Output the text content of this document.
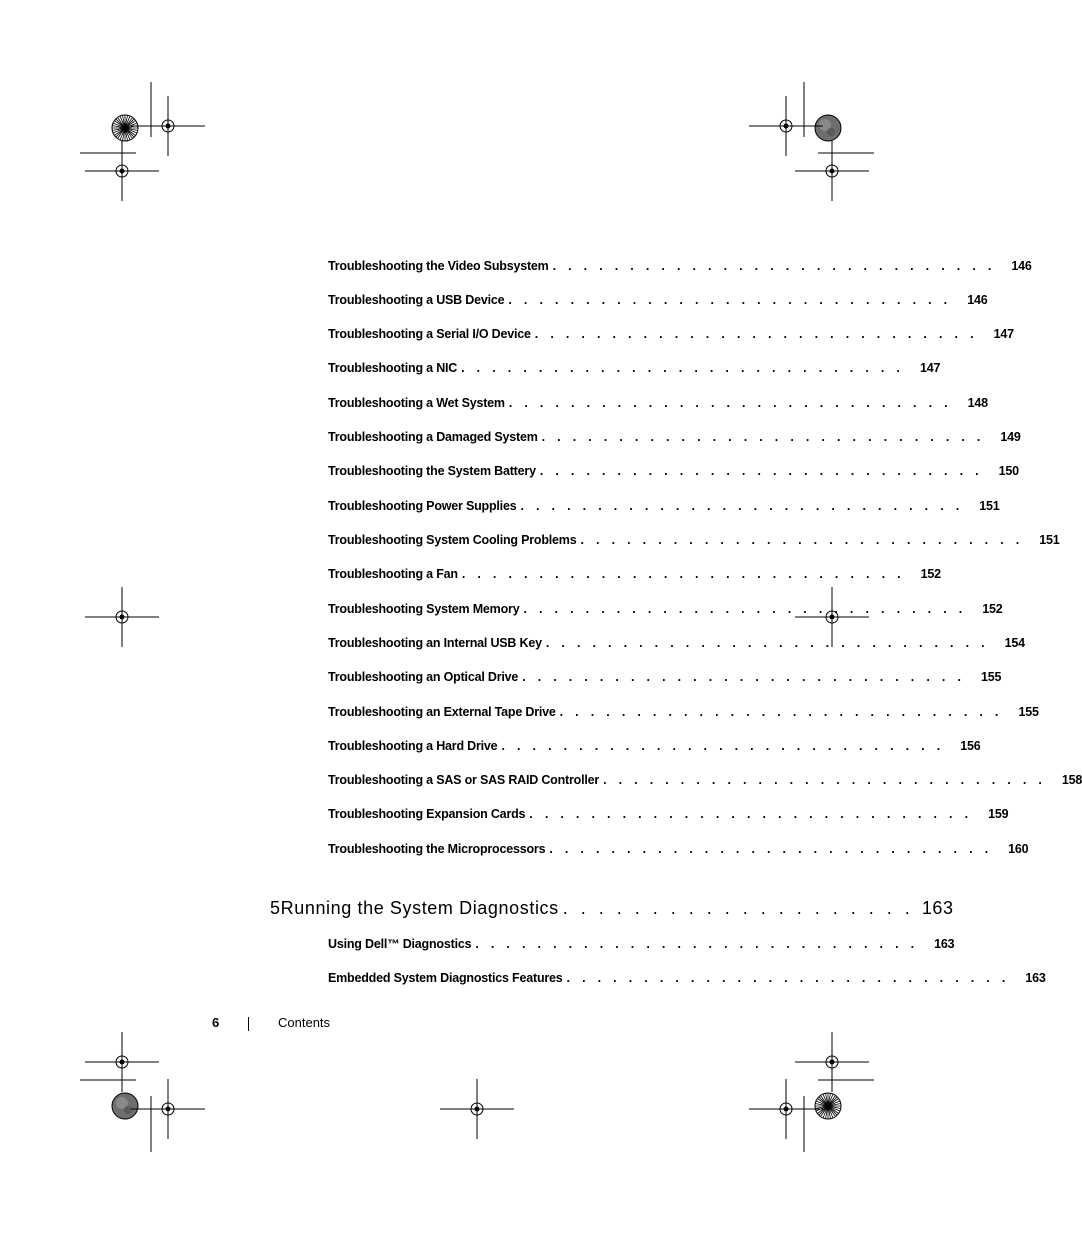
Troubleshooting the Video Subsystem . . . . . . . . . . . . . . . . . . . . . . . . . . . . . 146
Troubleshooting a USB Device . . . . . . . . . . . . . . . . . . . . . . . . . . . . . 146
Troubleshooting a Serial I/O Device . . . . . . . . . . . . . . . . . . . . . . . . . . . . . 147
Troubleshooting a NIC . . . . . . . . . . . . . . . . . . . . . . . . . . . . . 147
Troubleshooting a Wet System . . . . . . . . . . . . . . . . . . . . . . . . . . . . . 148
Troubleshooting a Damaged System . . . . . . . . . . . . . . . . . . . . . . . . . . . . . 149
Troubleshooting the System Battery . . . . . . . . . . . . . . . . . . . . . . . . . . . . . 150
Troubleshooting Power Supplies . . . . . . . . . . . . . . . . . . . . . . . . . . . . . 151
Troubleshooting System Cooling Problems . . . . . . . . . . . . . . . . . . . . . . . . . . . . . 151
Troubleshooting a Fan . . . . . . . . . . . . . . . . . . . . . . . . . . . . . 152
Troubleshooting System Memory . . . . . . . . . . . . . . . . . . . . . . . . . . . . . 152
Troubleshooting an Internal USB Key . . . . . . . . . . . . . . . . . . . . . . . . . . . . . 154
Troubleshooting an Optical Drive . . . . . . . . . . . . . . . . . . . . . . . . . . . . . 155
Troubleshooting an External Tape Drive . . . . . . . . . . . . . . . . . . . . . . . . . . . . . 155
Troubleshooting a Hard Drive . . . . . . . . . . . . . . . . . . . . . . . . . . . . . 156
Troubleshooting a SAS or SAS RAID Controller . . . . . . . . . . . . . . . . . . . . . . . . . . . . . 158
Troubleshooting Expansion Cards . . . . . . . . . . . . . . . . . . . . . . . . . . . . . 159
Troubleshooting the Microprocessors . . . . . . . . . . . . . . . . . . . . . . . . . . . . . 160
5 Running the System Diagnostics . . . . . . . . . . . . . . . . . . . . 163
Using Dell™ Diagnostics . . . . . . . . . . . . . . . . . . . . . . . . . . . . . 163
Embedded System Diagnostics Features . . . . . . . . . . . . . . . . . . . . . . . . . . . . . 163
6	Contents
